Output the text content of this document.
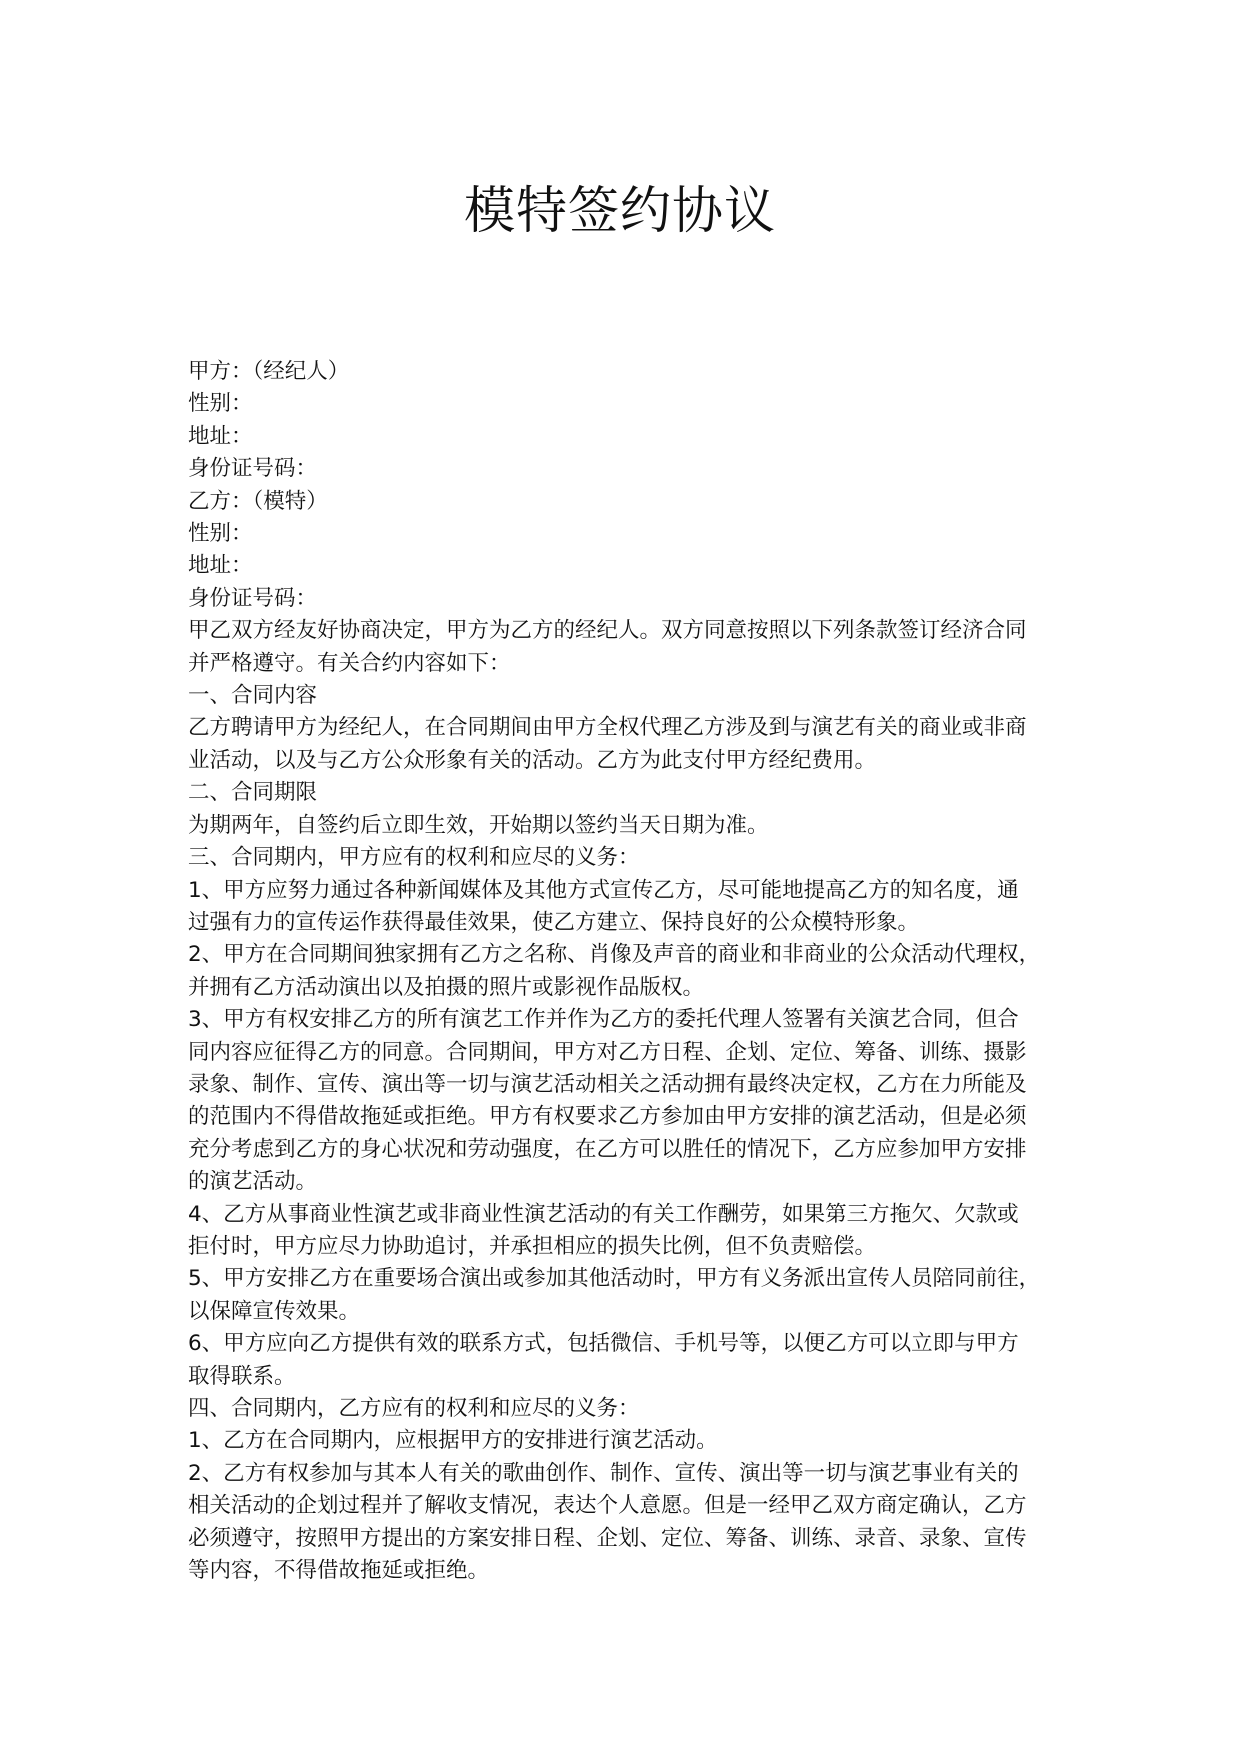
模特签约协议
甲方：（经纪人）
性别：
地址：
身份证号码：
乙方：（模特）
性别：
地址：
身份证号码：
甲乙双方经友好协商决定，甲方为乙方的经纪人。双方同意按照以下列条款签订经济合同
并严格遵守。有关合约内容如下：
一、合同内容
乙方聘请甲方为经纪人，在合同期间由甲方全权代理乙方涉及到与演艺有关的商业或非商
业活动，以及与乙方公众形象有关的活动。乙方为此支付甲方经纪费用。
二、合同期限
为期两年，自签约后立即生效，开始期以签约当天日期为准。
三、合同期内，甲方应有的权利和应尽的义务：
1、甲方应努力通过各种新闻媒体及其他方式宣传乙方，尽可能地提高乙方的知名度，通
过强有力的宣传运作获得最佳效果，使乙方建立、保持良好的公众模特形象。
2、甲方在合同期间独家拥有乙方之名称、肖像及声音的商业和非商业的公众活动代理权，
并拥有乙方活动演出以及拍摄的照片或影视作品版权。
3、甲方有权安排乙方的所有演艺工作并作为乙方的委托代理人签署有关演艺合同，但合
同内容应征得乙方的同意。合同期间，甲方对乙方日程、企划、定位、筹备、训练、摄影
录象、制作、宣传、演出等一切与演艺活动相关之活动拥有最终决定权，乙方在力所能及
的范围内不得借故拖延或拒绝。甲方有权要求乙方参加由甲方安排的演艺活动，但是必须
充分考虑到乙方的身心状况和劳动强度，在乙方可以胜任的情况下，乙方应参加甲方安排
的演艺活动。
4、乙方从事商业性演艺或非商业性演艺活动的有关工作酬劳，如果第三方拖欠、欠款或
拒付时，甲方应尽力协助追讨，并承担相应的损失比例，但不负责赔偿。
5、甲方安排乙方在重要场合演出或参加其他活动时，甲方有义务派出宣传人员陪同前往，
以保障宣传效果。
6、甲方应向乙方提供有效的联系方式，包括微信、手机号等，以便乙方可以立即与甲方
取得联系。
四、合同期内，乙方应有的权利和应尽的义务：
1、乙方在合同期内，应根据甲方的安排进行演艺活动。
2、乙方有权参加与其本人有关的歌曲创作、制作、宣传、演出等一切与演艺事业有关的
相关活动的企划过程并了解收支情况，表达个人意愿。但是一经甲乙双方商定确认，乙方
必须遵守，按照甲方提出的方案安排日程、企划、定位、筹备、训练、录音、录象、宣传
等内容，不得借故拖延或拒绝。
